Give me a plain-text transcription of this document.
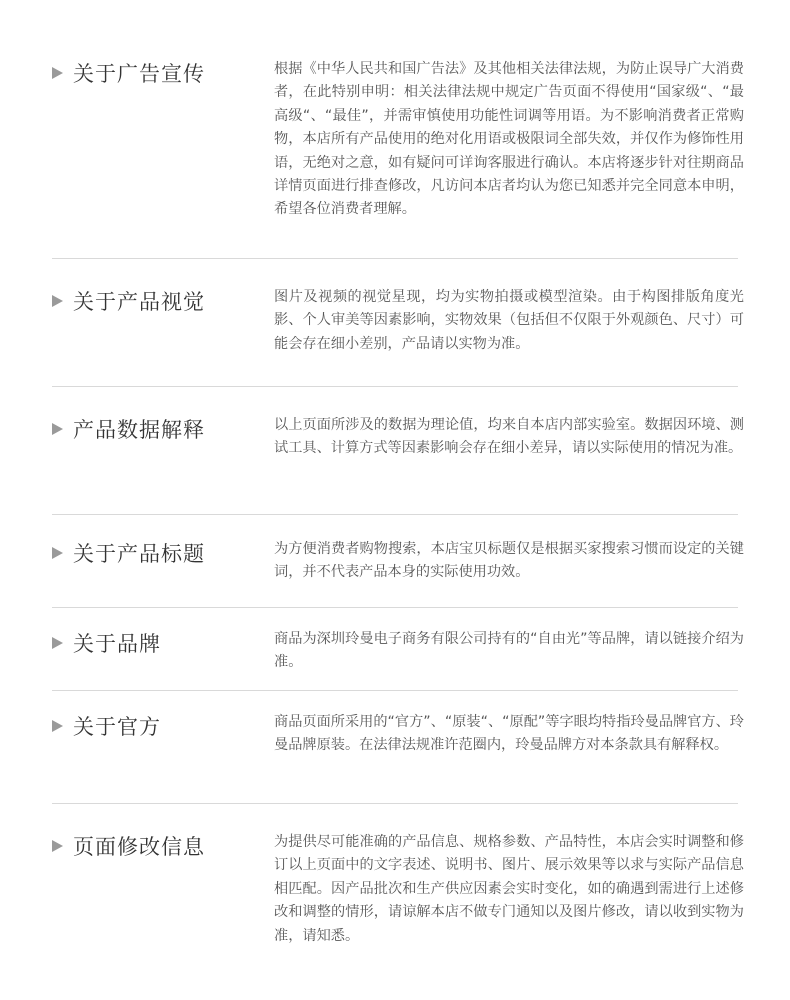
关于广告宣传	根据《中华人民共和国广告法》及其他相关法律法规，为防止误导广大消费者，在此特别申明：相关法律法规中规定广告页面不得使用“国家级“、“最高级“、“最佳”，并需审慎使用功能性词调等用语。为不影响消费者正常购物，本店所有产品使用的绝对化用语或极限词全部失效，并仅作为修饰性用语，无绝对之意，如有疑问可详询客服进行确认。本店将逐步针对往期商品详情页面进行排查修改，凡访问本店者均认为您已知悉并完全同意本申明，希望各位消费者理解。
关于产品视觉	图片及视频的视觉星现，均为实物拍摄或模型渲染。由于构图排版角度光影、个人审美等因素影响，实物效果（包括但不仅限于外观颜色、尺寸）可能会存在细小差别，产品请以实物为准。
产品数据解释	以上页面所涉及的数据为理论值，均来自本店内部实验室。数据因环境、测试工具、计算方式等因素影响会存在细小差异，请以实际使用的情况为准。
关于产品标题	为方便消费者购物搜索，本店宝贝标题仅是根据买家搜索习惯而设定的关键词，并不代表产品本身的实际使用功效。
关于品牌	商品为深圳玲曼电子商务有限公司持有的“自由光”等品牌，请以链接介绍为准。
关于官方	商品页面所采用的“官方”、“原装“、“原配”等字眼均特指玲曼品牌官方、玲曼品牌原装。在法律法规准许范圈内，玲曼品牌方对本条款具有解释权。
页面修改信息	为提供尽可能准确的产品信息、规格参数、产品特性，本店会实时调整和修订以上页面中的文字表述、说明书、图片、展示效果等以求与实际产品信息相匹配。因产品批次和生产供应因素会实时变化，如的确遇到需进行上述修改和调整的情形，请谅解本店不做专门通知以及图片修改，请以收到实物为准，请知悉。
